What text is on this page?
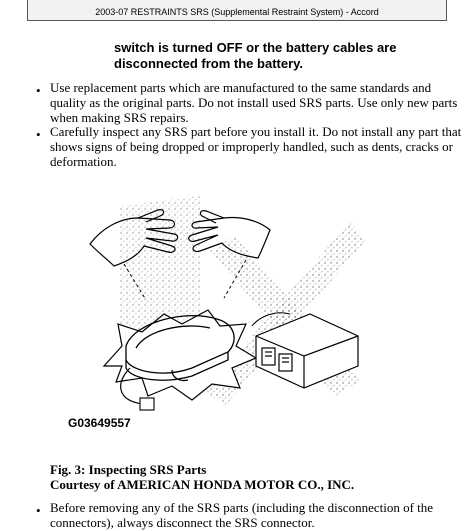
2003-07 RESTRAINTS SRS (Supplemental Restraint System) - Accord
switch is turned OFF or the battery cables are
disconnected from the battery.
• Use replacement parts which are manufactured to the same standards and
quality as the original parts. Do not install used SRS parts. Use only new parts
when making SRS repairs.
• Carefully inspect any SRS part before you install it. Do not install any part that
shows signs of being dropped or improperly handled, such as dents, cracks or
deformation.
G03649557
Fig. 3: Inspecting SRS Parts
Courtesy of AMERICAN HONDA MOTOR CO., INC.
• Before removing any of the SRS parts (including the disconnection of the
connectors), always disconnect the SRS connector.
